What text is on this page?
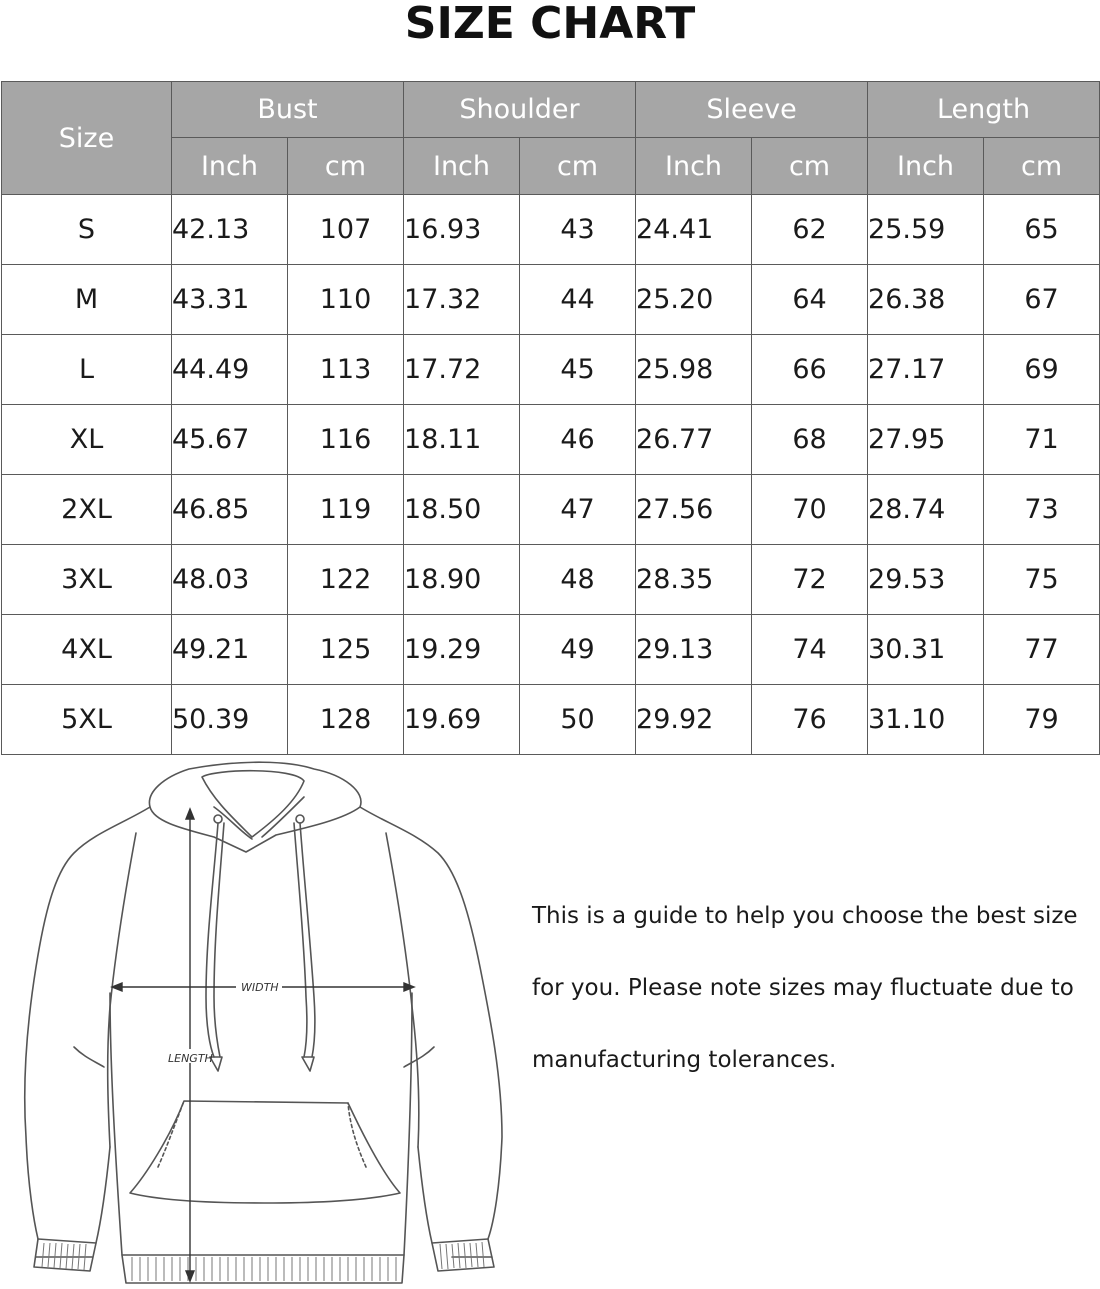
SIZE CHART
Size	Bust		Shoulder		Sleeve		Length	
	Inch	cm	Inch	cm	Inch	cm	Inch	cm
S	42.13	107	16.93	43	24.41	62	25.59	65
M	43.31	110	17.32	44	25.20	64	26.38	67
L	44.49	113	17.72	45	25.98	66	27.17	69
XL	45.67	116	18.11	46	26.77	68	27.95	71
2XL	46.85	119	18.50	47	27.56	70	28.74	73
3XL	48.03	122	18.90	48	28.35	72	29.53	75
4XL	49.21	125	19.29	49	29.13	74	30.31	77
5XL	50.39	128	19.69	50	29.92	76	31.10	79
WIDTH
LENGTH
This is a guide to help you choose the best size
for you. Please note sizes may fluctuate due to
manufacturing tolerances.
